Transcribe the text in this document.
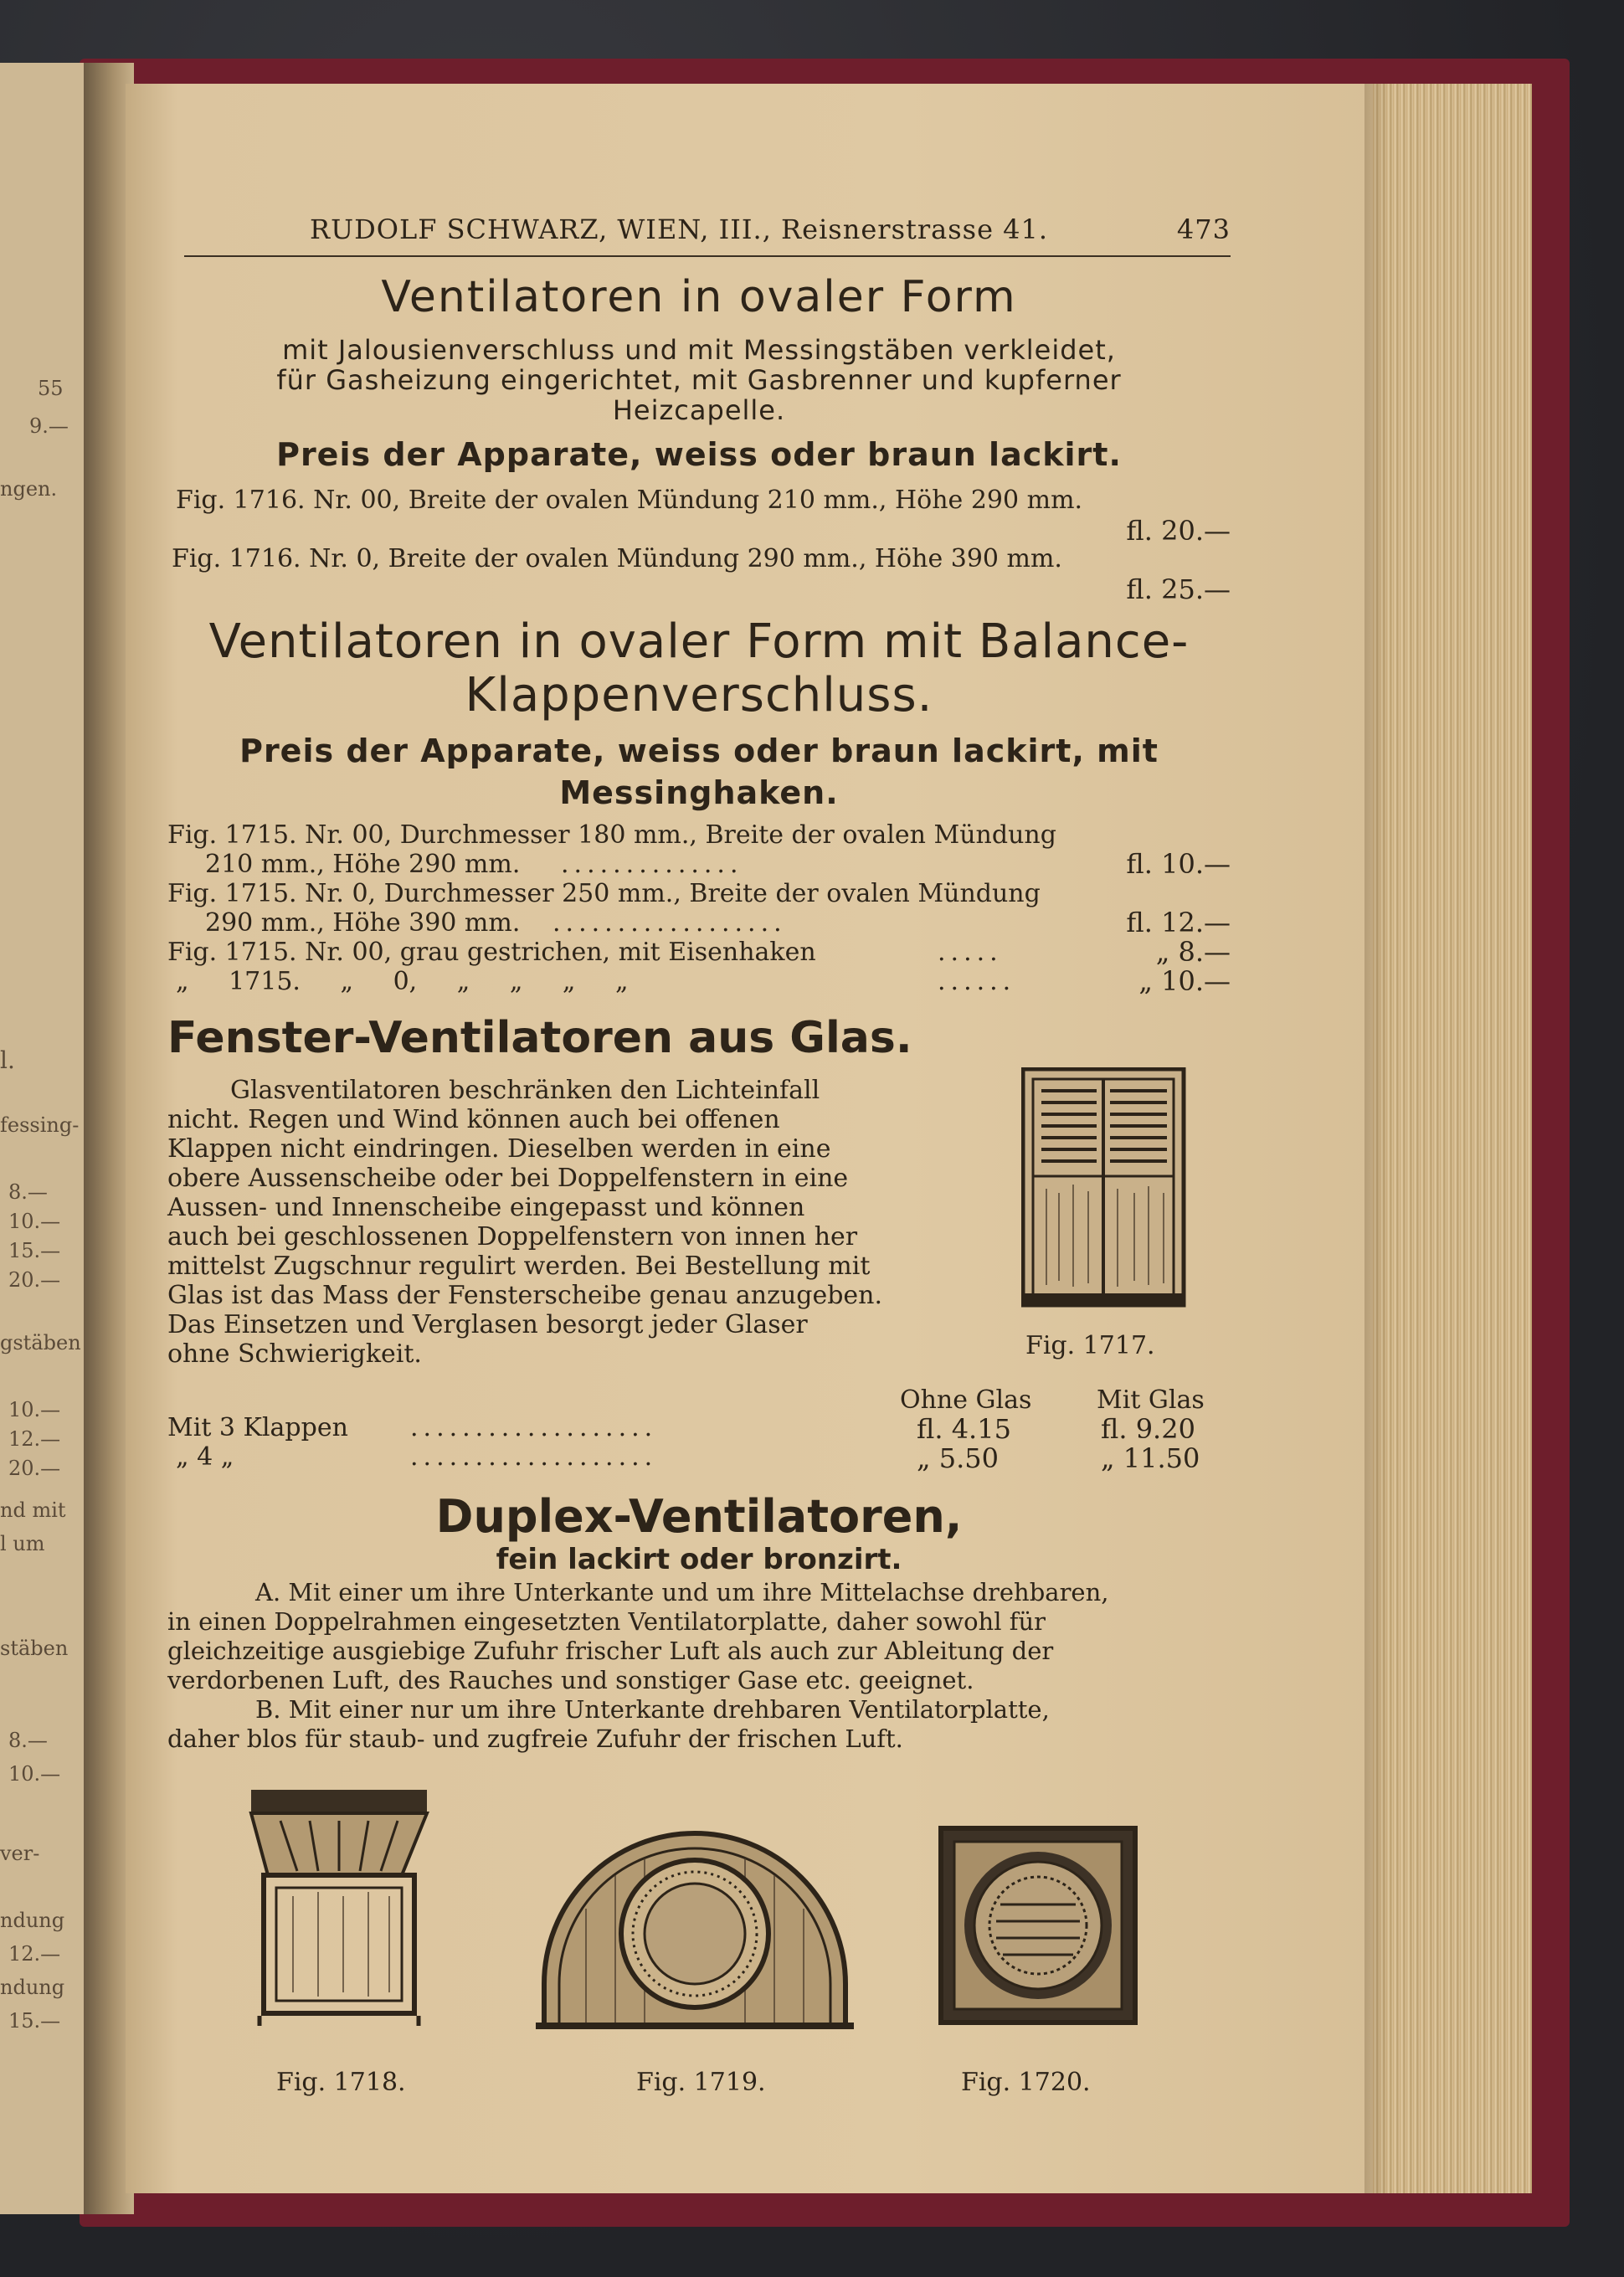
55
9.—
ngen.
l.
fessing-
8.—
10.—
15.—
20.—
gstäben
10.—
12.—
20.—
nd mit
l um
stäben
8.—
10.—
ver-
ndung
12.—
ndung
15.—
RUDOLF SCHWARZ, WIEN, III., Reisnerstrasse 41.	473
Ventilatoren in ovaler Form
mit Jalousienverschluss und mit Messingstäben verkleidet,
für Gasheizung eingerichtet, mit Gasbrenner und kupferner
Heizcapelle.
Preis der Apparate, weiss oder braun lackirt.
Fig. 1716. Nr. 00, Breite der ovalen Mündung 210 mm., Höhe 290 mm.
fl. 20.—
Fig. 1716. Nr. 0, Breite der ovalen Mündung 290 mm., Höhe 390 mm.
fl. 25.—
Ventilatoren in ovaler Form mit Balance-
Klappenverschluss.
Preis der Apparate, weiss oder braun lackirt, mit
Messinghaken.
Fig. 1715. Nr. 00, Durchmesser 180 mm., Breite der ovalen Mündung
210 mm., Höhe 290 mm. ..............	fl. 10.—
Fig. 1715. Nr. 0, Durchmesser 250 mm., Breite der ovalen Mündung
290 mm., Höhe 390 mm. ..................	fl. 12.—
Fig. 1715. Nr. 00, grau gestrichen, mit Eisenhaken	.....	„ 8.—
„ 1715. „ 0, „ „ „ „	......	„ 10.—
Fenster-Ventilatoren aus Glas.
Glasventilatoren beschränken den Lichteinfall
nicht. Regen und Wind können auch bei offenen
Klappen nicht eindringen. Dieselben werden in eine
obere Aussenscheibe oder bei Doppelfenstern in eine
Aussen- und Innenscheibe eingepasst und können
auch bei geschlossenen Doppelfenstern von innen her
mittelst Zugschnur regulirt werden. Bei Bestellung mit
Glas ist das Mass der Fensterscheibe genau anzugeben.
Das Einsetzen und Verglasen besorgt jeder Glaser
ohne Schwierigkeit.	Fig. 1717.
Ohne Glas	Mit Glas
Mit 3 Klappen ...................	fl. 4.15	fl. 9.20
„ 4 „	...................	„ 5.50	„ 11.50
Duplex-Ventilatoren,
fein lackirt oder bronzirt.
A. Mit einer um ihre Unterkante und um ihre Mittelachse drehbaren,
in einen Doppelrahmen eingesetzten Ventilatorplatte, daher sowohl für
gleichzeitige ausgiebige Zufuhr frischer Luft als auch zur Ableitung der
verdorbenen Luft, des Rauches und sonstiger Gase etc. geeignet.
B. Mit einer nur um ihre Unterkante drehbaren Ventilatorplatte,
daher blos für staub- und zugfreie Zufuhr der frischen Luft.
Fig. 1718.	Fig. 1719.	Fig. 1720.
